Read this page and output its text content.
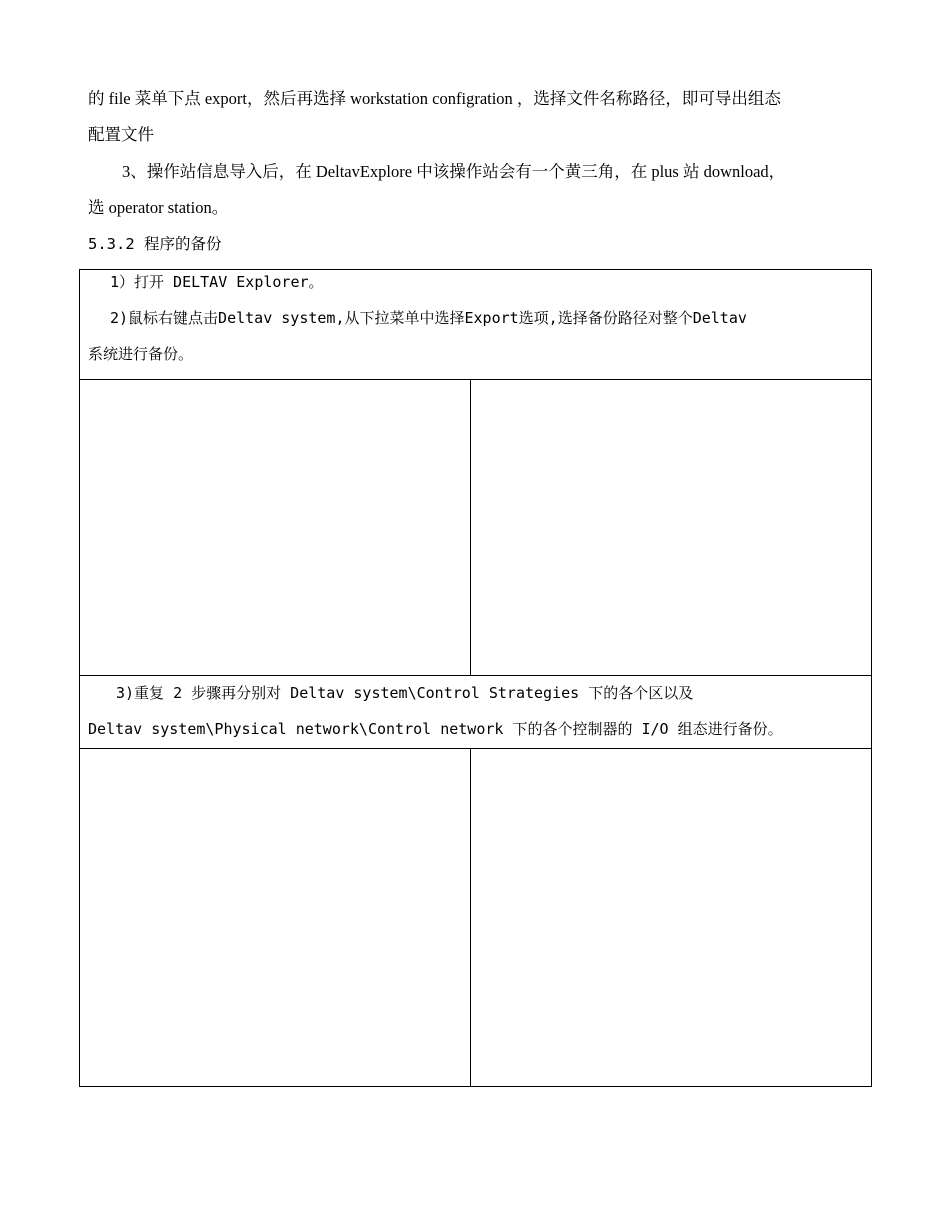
的 file 菜单下点 export，然后再选择 workstation configration ，选择文件名称路径，即可导出组态
配置文件
3、操作站信息导入后，在 DeltavExplore 中该操作站会有一个黄三角，在 plus 站 download，
选 operator station。
5.3.2 程序的备份
1）打开 DELTAV Explorer。
2)鼠标右键点击Deltav system,从下拉菜单中选择Export选项,选择备份路径对整个Deltav
系统进行备份。
3)重复 2 步骤再分别对 Deltav system\Control Strategies 下的各个区以及
Deltav system\Physical network\Control network 下的各个控制器的 I/O 组态进行备份。
